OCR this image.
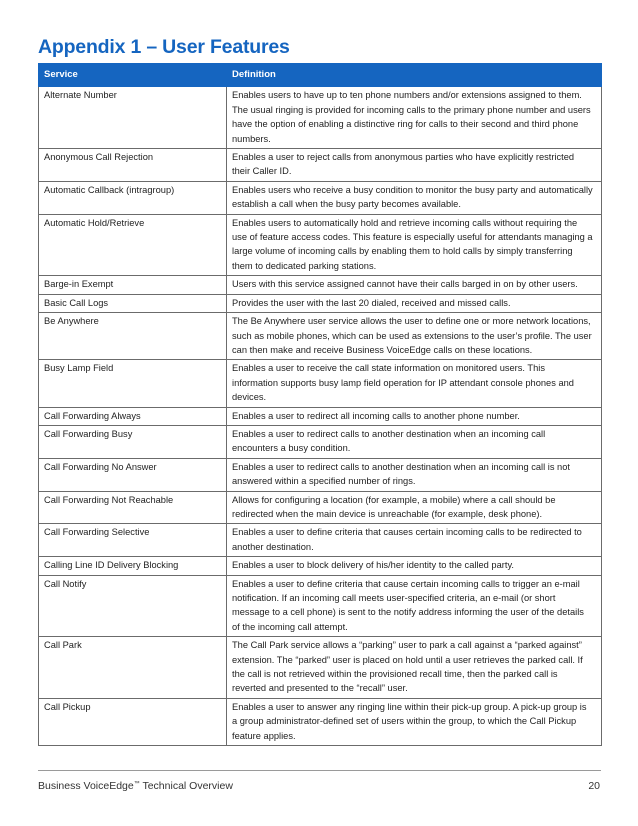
Appendix 1 – User Features
Service	Definition
Alternate Number	Enables users to have up to ten phone numbers and/or extensions assigned to them. The usual ringing is provided for incoming calls to the primary phone number and users have the option of enabling a distinctive ring for calls to their second and third phone numbers.
Anonymous Call Rejection	Enables a user to reject calls from anonymous parties who have explicitly restricted their Caller ID.
Automatic Callback (intragroup)	Enables users who receive a busy condition to monitor the busy party and automatically establish a call when the busy party becomes available.
Automatic Hold/Retrieve	Enables users to automatically hold and retrieve incoming calls without requiring the use of feature access codes. This feature is especially useful for attendants managing a large volume of incoming calls by enabling them to hold calls by simply transferring them to dedicated parking stations.
Barge-in Exempt	Users with this service assigned cannot have their calls barged in on by other users.
Basic Call Logs	Provides the user with the last 20 dialed, received and missed calls.
Be Anywhere	The Be Anywhere user service allows the user to define one or more network locations, such as mobile phones, which can be used as extensions to the user’s profile. The user can then make and receive Business VoiceEdge calls on these locations.
Busy Lamp Field	Enables a user to receive the call state information on monitored users. This information supports busy lamp field operation for IP attendant console phones and devices.
Call Forwarding Always	Enables a user to redirect all incoming calls to another phone number.
Call Forwarding Busy	Enables a user to redirect calls to another destination when an incoming call encounters a busy condition.
Call Forwarding No Answer	Enables a user to redirect calls to another destination when an incoming call is not answered within a specified number of rings.
Call Forwarding Not Reachable	Allows for configuring a location (for example, a mobile) where a call should be redirected when the main device is unreachable (for example, desk phone).
Call Forwarding Selective	Enables a user to define criteria that causes certain incoming calls to be redirected to another destination.
Calling Line ID Delivery Blocking	Enables a user to block delivery of his/her identity to the called party.
Call Notify	Enables a user to define criteria that cause certain incoming calls to trigger an e-mail notification. If an incoming call meets user-specified criteria, an e-mail (or short message to a cell phone) is sent to the notify address informing the user of the details of the incoming call attempt.
Call Park	The Call Park service allows a “parking” user to park a call against a “parked against” extension. The “parked” user is placed on hold until a user retrieves the parked call. If the call is not retrieved within the provisioned recall time, then the parked call is reverted and presented to the “recall” user.
Call Pickup	Enables a user to answer any ringing line within their pick-up group. A pick-up group is a group administrator-defined set of users within the group, to which the Call Pickup feature applies.
Business VoiceEdge™ Technical Overview	20
